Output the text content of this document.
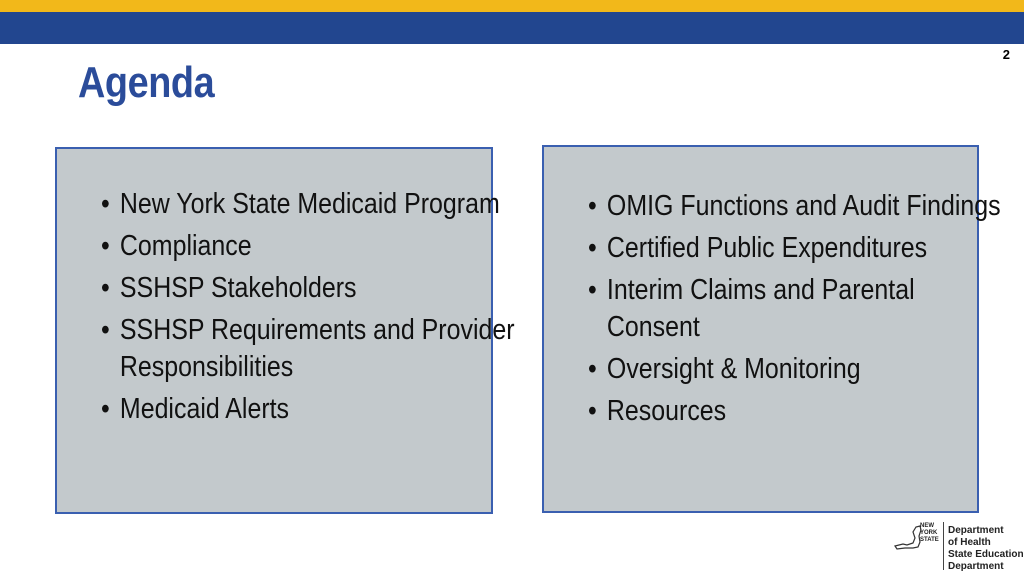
2
Agenda
• New York State Medicaid Program
• Compliance
• SSHSP Stakeholders
• SSHSP Requirements and Provider Responsibilities
• Medicaid Alerts
• OMIG Functions and Audit Findings
• Certified Public Expenditures
• Interim Claims and Parental Consent
• Oversight & Monitoring
• Resources
NEW
YORK
STATE
Department
of Health
State Education
Department
